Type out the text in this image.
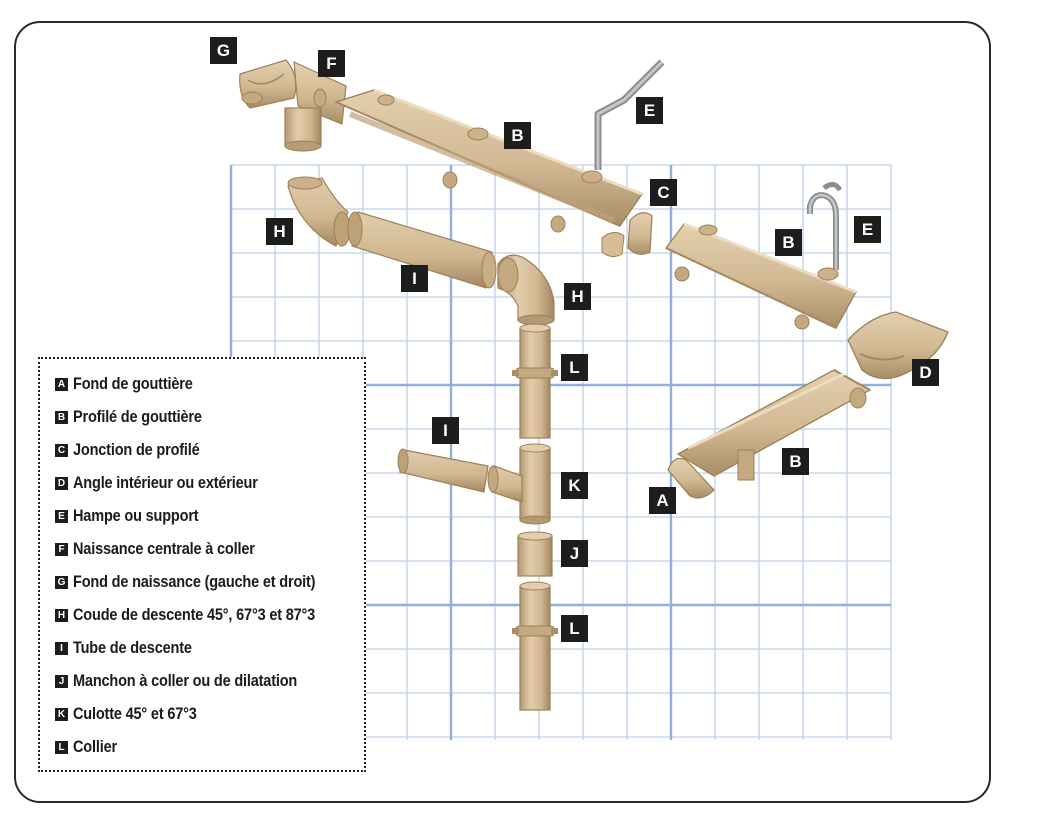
G
F
E
B
C
E
B
H
I
H
L	D
I
B
K
A
J
L
A Fond de gouttière
B Profilé de gouttière
C Jonction de profilé
D Angle intérieur ou extérieur
E Hampe ou support
F Naissance centrale à coller
G Fond de naissance (gauche et droit)
H Coude de descente 45°, 67°3 et 87°3
I Tube de descente
J Manchon à coller ou de dilatation
K Culotte 45° et 67°3
L Collier
